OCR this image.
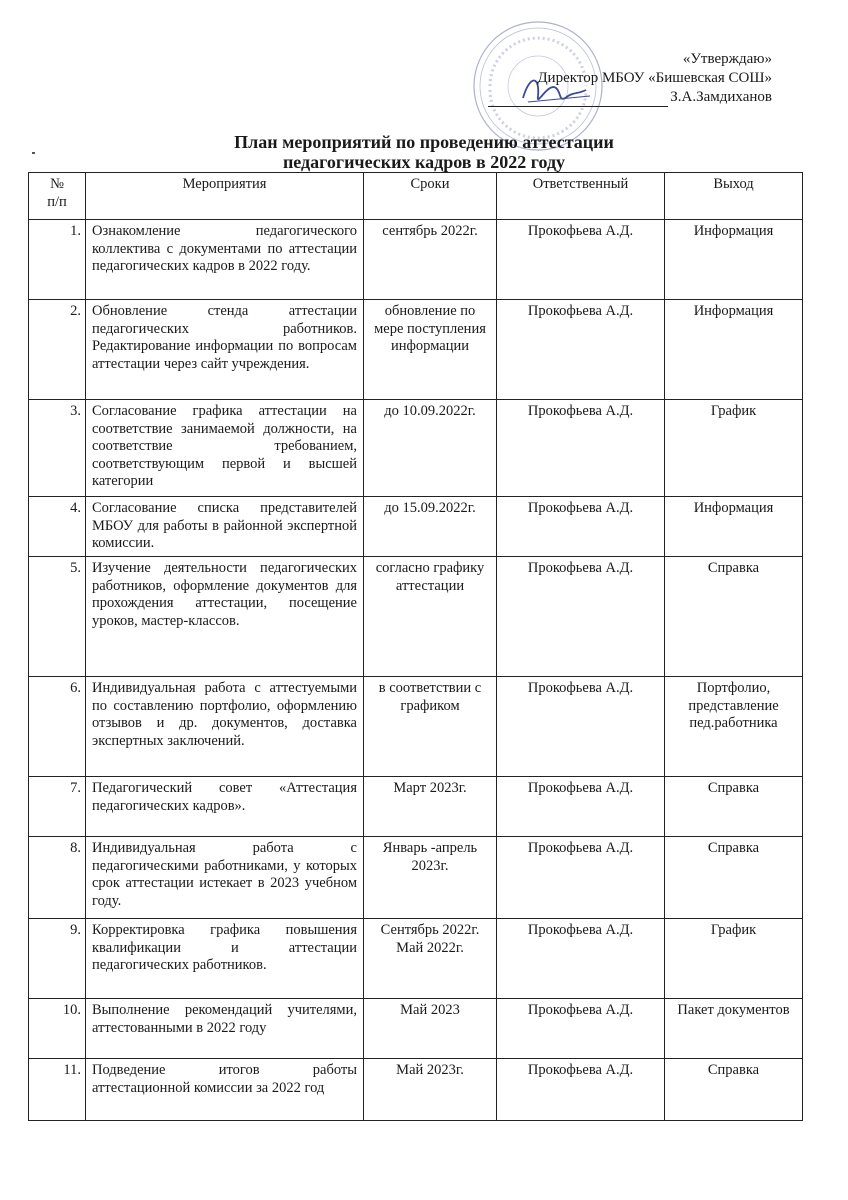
«Утверждаю»
Директор МБОУ «Бишевская СОШ»
З.А.Замдиханов
План мероприятий по проведению аттестации
педагогических кадров в 2022 году
№
п/п	Мероприятия	Сроки	Ответственный	Выход
1.	Ознакомление педагогического коллектива с документами по аттестации педагогических кадров в 2022 году.	сентябрь 2022г.	Прокофьева А.Д.	Информация
2.	Обновление стенда аттестации педагогических работников. Редактирование информации по вопросам аттестации через сайт учреждения.	обновление по мере поступления информации	Прокофьева А.Д.	Информация
3.	Согласование графика аттестации на соответствие занимаемой должности, на соответствие требованием, соответствующим первой и высшей категории	до 10.09.2022г.	Прокофьева А.Д.	График
4.	Согласование списка представителей МБОУ для работы в районной экспертной комиссии.	до 15.09.2022г.	Прокофьева А.Д.	Информация
5.	Изучение деятельности педагогических работников, оформление документов для прохождения аттестации, посещение уроков, мастер-классов.	согласно графику аттестации	Прокофьева А.Д.	Справка
6.	Индивидуальная работа с аттестуемыми по составлению портфолио, оформлению отзывов и др. документов, доставка экспертных заключений.	в соответствии с графиком	Прокофьева А.Д.	Портфолио, представление пед.работника
7.	Педагогический совет «Аттестация педагогических кадров».	Март 2023г.	Прокофьева А.Д.	Справка
8.	Индивидуальная работа с педагогическими работниками, у которых срок аттестации истекает в 2023 учебном году.	Январь -апрель 2023г.	Прокофьева А.Д.	Справка
9.	Корректировка графика повышения квалификации и аттестации педагогических работников.	Сентябрь 2022г. Май 2022г.	Прокофьева А.Д.	График
10.	Выполнение рекомендаций учителями, аттестованными в 2022 году	Май 2023	Прокофьева А.Д.	Пакет документов
11.	Подведение итогов работы аттестационной комиссии за 2022 год	Май 2023г.	Прокофьева А.Д.	Справка
